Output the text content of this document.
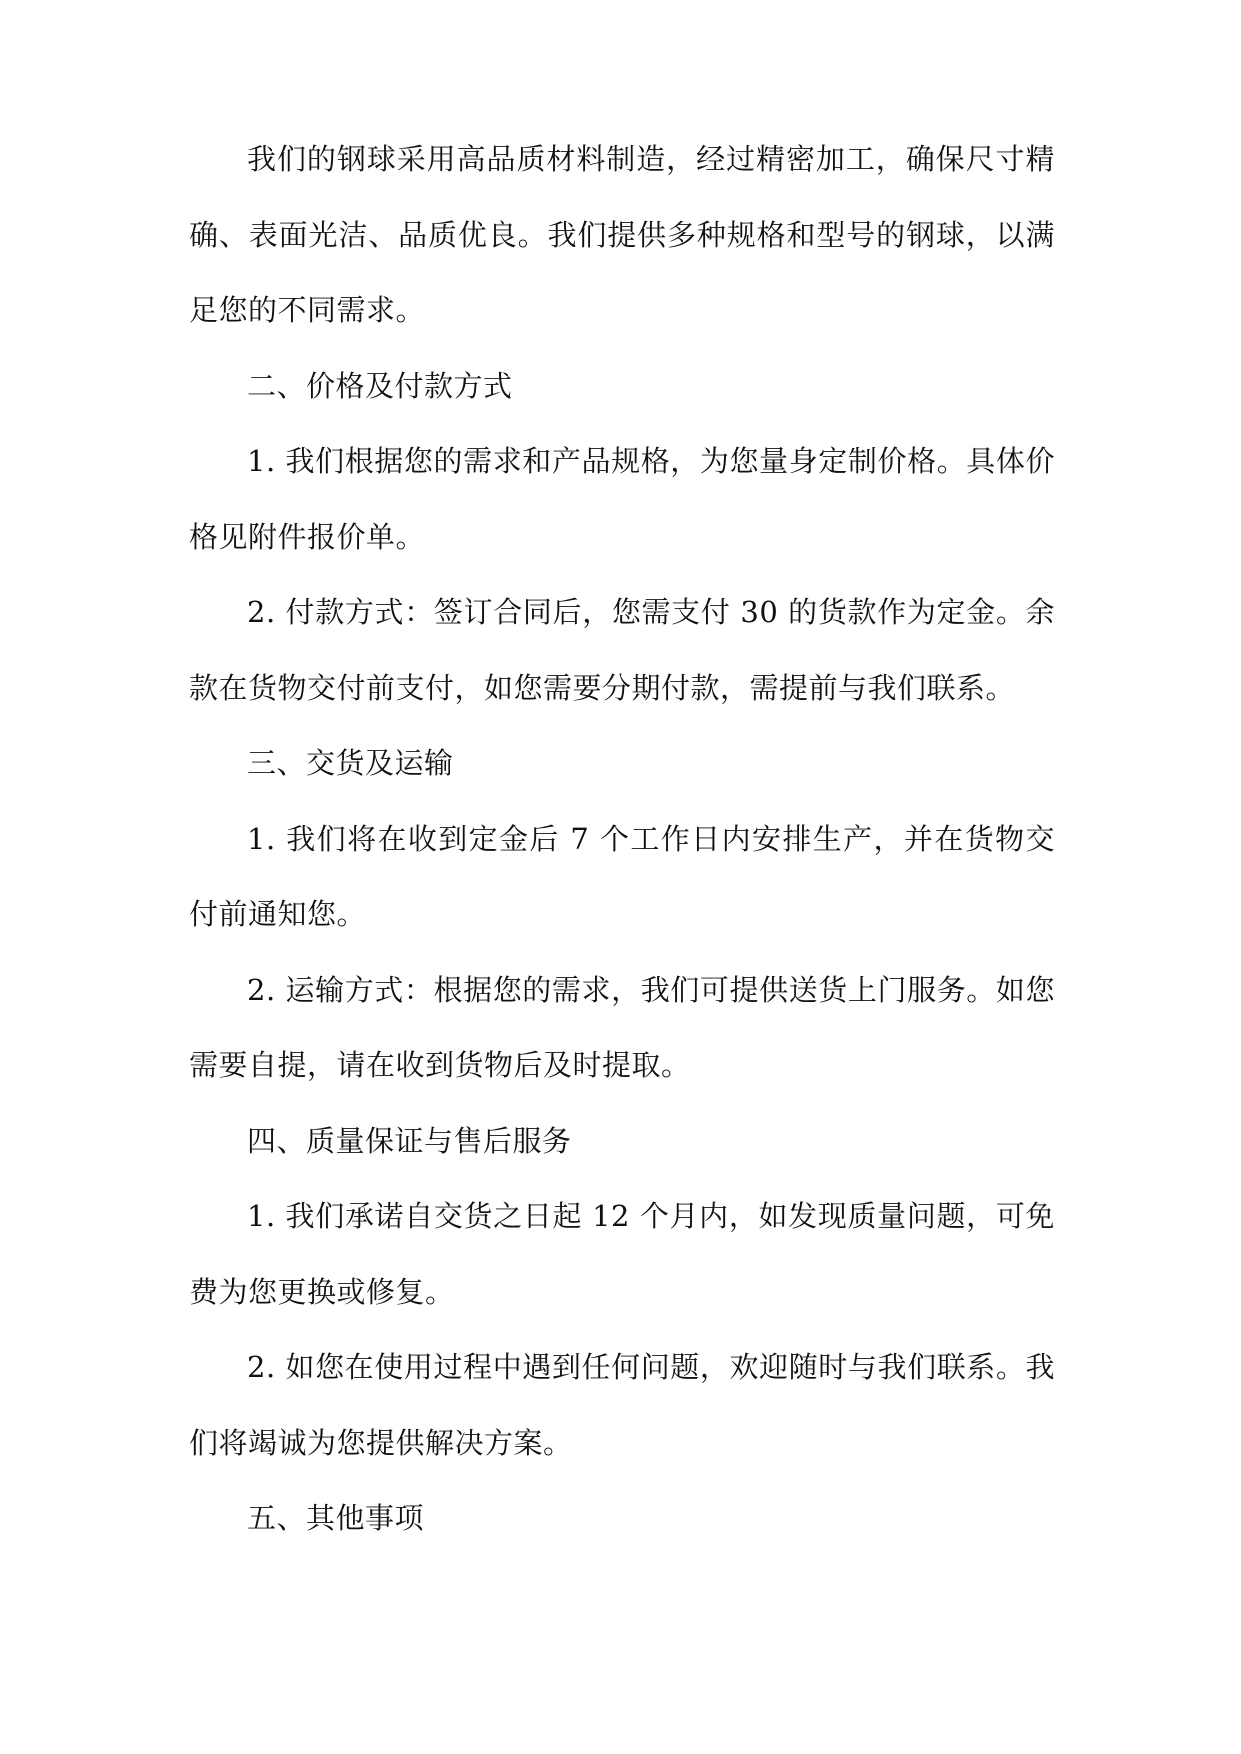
我们的钢球采用高品质材料制造，经过精密加工，确保尺寸精确、表面光洁、品质优良。我们提供多种规格和型号的钢球，以满足您的不同需求。

二、价格及付款方式

1. 我们根据您的需求和产品规格，为您量身定制价格。具体价格见附件报价单。

2. 付款方式：签订合同后，您需支付 30 的货款作为定金。余款在货物交付前支付，如您需要分期付款，需提前与我们联系。

三、交货及运输

1. 我们将在收到定金后 7 个工作日内安排生产，并在货物交付前通知您。

2. 运输方式：根据您的需求，我们可提供送货上门服务。如您需要自提，请在收到货物后及时提取。

四、质量保证与售后服务

1. 我们承诺自交货之日起 12 个月内，如发现质量问题，可免费为您更换或修复。

2. 如您在使用过程中遇到任何问题，欢迎随时与我们联系。我们将竭诚为您提供解决方案。

五、其他事项
